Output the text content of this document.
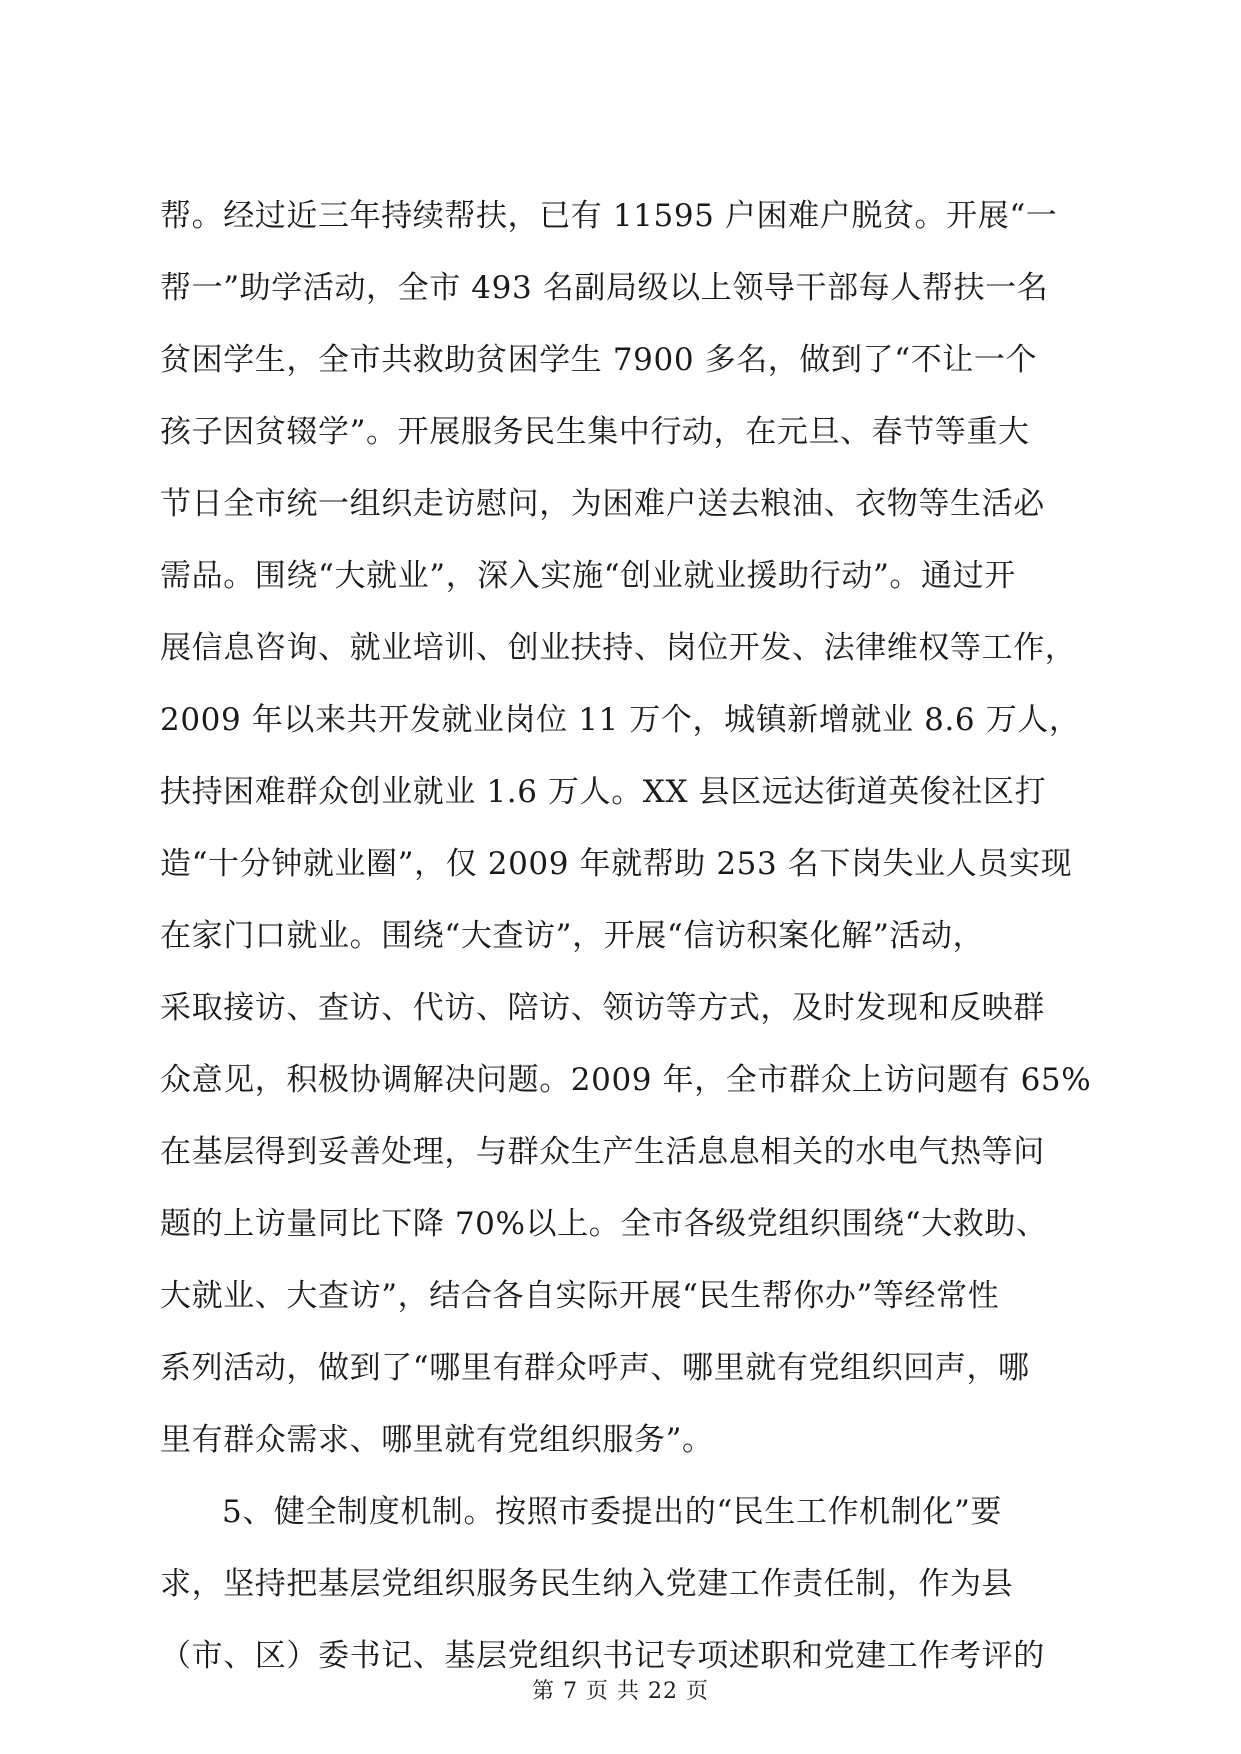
帮。经过近三年持续帮扶，已有 11595 户困难户脱贫。开展“一
帮一”助学活动，全市 493 名副局级以上领导干部每人帮扶一名
贫困学生，全市共救助贫困学生 7900 多名，做到了“不让一个
孩子因贫辍学”。开展服务民生集中行动，在元旦、春节等重大
节日全市统一组织走访慰问，为困难户送去粮油、衣物等生活必
需品。围绕“大就业”，深入实施“创业就业援助行动”。通过开
展信息咨询、就业培训、创业扶持、岗位开发、法律维权等工作，
2009 年以来共开发就业岗位 11 万个，城镇新增就业 8.6 万人，
扶持困难群众创业就业 1.6 万人。XX 县区远达街道英俊社区打
造“十分钟就业圈”，仅 2009 年就帮助 253 名下岗失业人员实现
在家门口就业。围绕“大查访”，开展“信访积案化解”活动，
采取接访、查访、代访、陪访、领访等方式，及时发现和反映群
众意见，积极协调解决问题。2009 年，全市群众上访问题有 65%
在基层得到妥善处理，与群众生产生活息息相关的水电气热等问
题的上访量同比下降 70%以上。全市各级党组织围绕“大救助、
大就业、大查访”，结合各自实际开展“民生帮你办”等经常性
系列活动，做到了“哪里有群众呼声、哪里就有党组织回声，哪
里有群众需求、哪里就有党组织服务”。
5、健全制度机制。按照市委提出的“民生工作机制化”要
求，坚持把基层党组织服务民生纳入党建工作责任制，作为县
（市、区）委书记、基层党组织书记专项述职和党建工作考评的
第 7 页 共 22 页
